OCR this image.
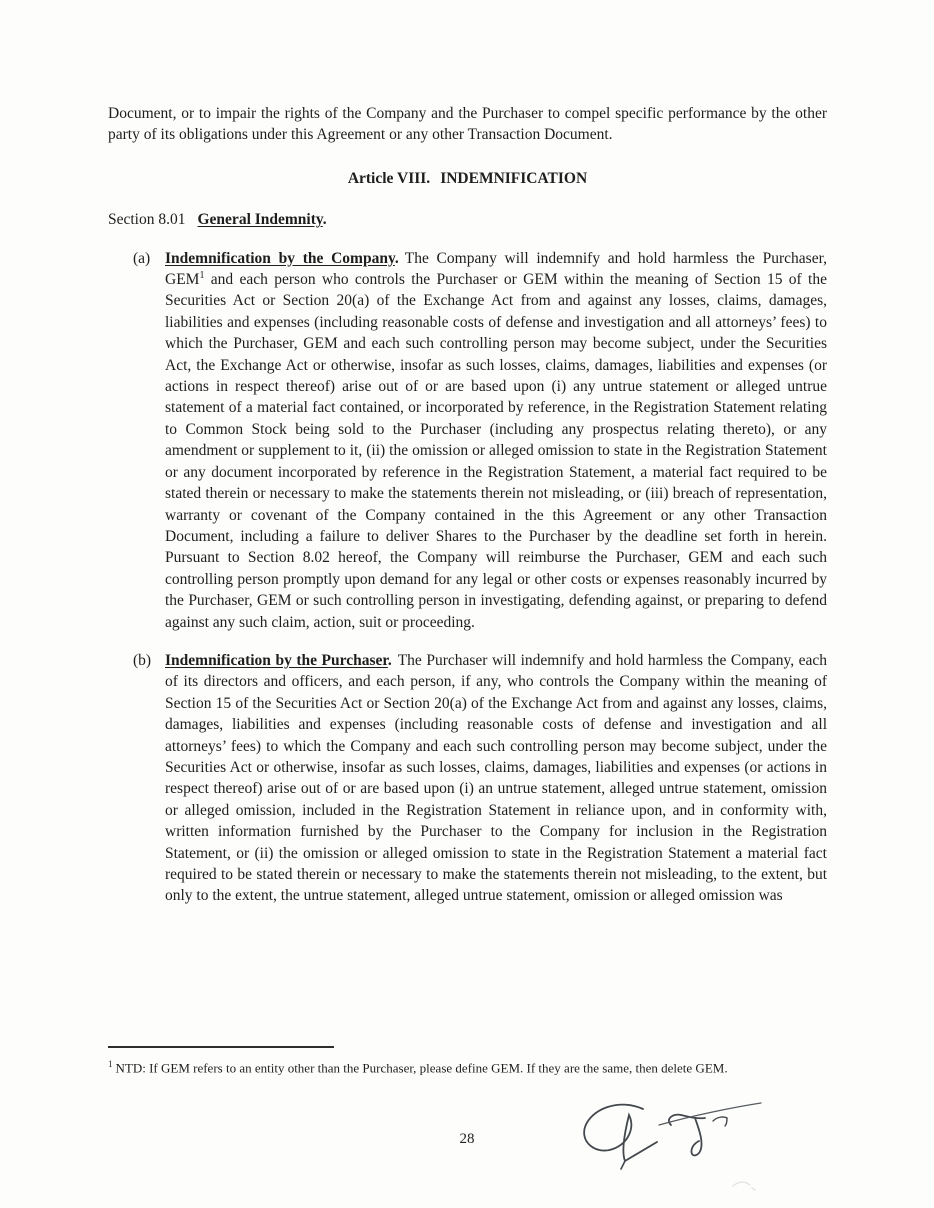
Document, or to impair the rights of the Company and the Purchaser to compel specific performance by the other party of its obligations under this Agreement or any other Transaction Document.

Article VIII. INDEMNIFICATION
Section 8.01 General Indemnity.
(a) Indemnification by the Company. The Company will indemnify and hold harmless the Purchaser, GEM$^1$ and each person who controls the Purchaser or GEM within the meaning of Section 15 of the Securities Act or Section 20(a) of the Exchange Act from and against any losses, claims, damages, liabilities and expenses (including reasonable costs of defense and investigation and all attorneys’ fees) to which the Purchaser, GEM and each such controlling person may become subject, under the Securities Act, the Exchange Act or otherwise, insofar as such losses, claims, damages, liabilities and expenses (or actions in respect thereof) arise out of or are based upon (i) any untrue statement or alleged untrue statement of a material fact contained, or incorporated by reference, in the Registration Statement relating to Common Stock being sold to the Purchaser (including any prospectus relating thereto), or any amendment or supplement to it, (ii) the omission or alleged omission to state in the Registration Statement or any document incorporated by reference in the Registration Statement, a material fact required to be stated therein or necessary to make the statements therein not misleading, or (iii) breach of representation, warranty or covenant of the Company contained in the this Agreement or any other Transaction Document, including a failure to deliver Shares to the Purchaser by the deadline set forth in herein. Pursuant to Section 8.02 hereof, the Company will reimburse the Purchaser, GEM and each such controlling person promptly upon demand for any legal or other costs or expenses reasonably incurred by the Purchaser, GEM or such controlling person in investigating, defending against, or preparing to defend against any such claim, action, suit or proceeding.

(b) Indemnification by the Purchaser. The Purchaser will indemnify and hold harmless the Company, each of its directors and officers, and each person, if any, who controls the Company within the meaning of Section 15 of the Securities Act or Section 20(a) of the Exchange Act from and against any losses, claims, damages, liabilities and expenses (including reasonable costs of defense and investigation and all attorneys’ fees) to which the Company and each such controlling person may become subject, under the Securities Act or otherwise, insofar as such losses, claims, damages, liabilities and expenses (or actions in respect thereof) arise out of or are based upon (i) an untrue statement, alleged untrue statement, omission or alleged omission, included in the Registration Statement in reliance upon, and in conformity with, written information furnished by the Purchaser to the Company for inclusion in the Registration Statement, or (ii) the omission or alleged omission to state in the Registration Statement a material fact required to be stated therein or necessary to make the statements therein not misleading, to the extent, but only to the extent, the untrue statement, alleged untrue statement, omission or alleged omission was

$^1$ NTD: If GEM refers to an entity other than the Purchaser, please define GEM. If they are the same, then delete GEM.

28
